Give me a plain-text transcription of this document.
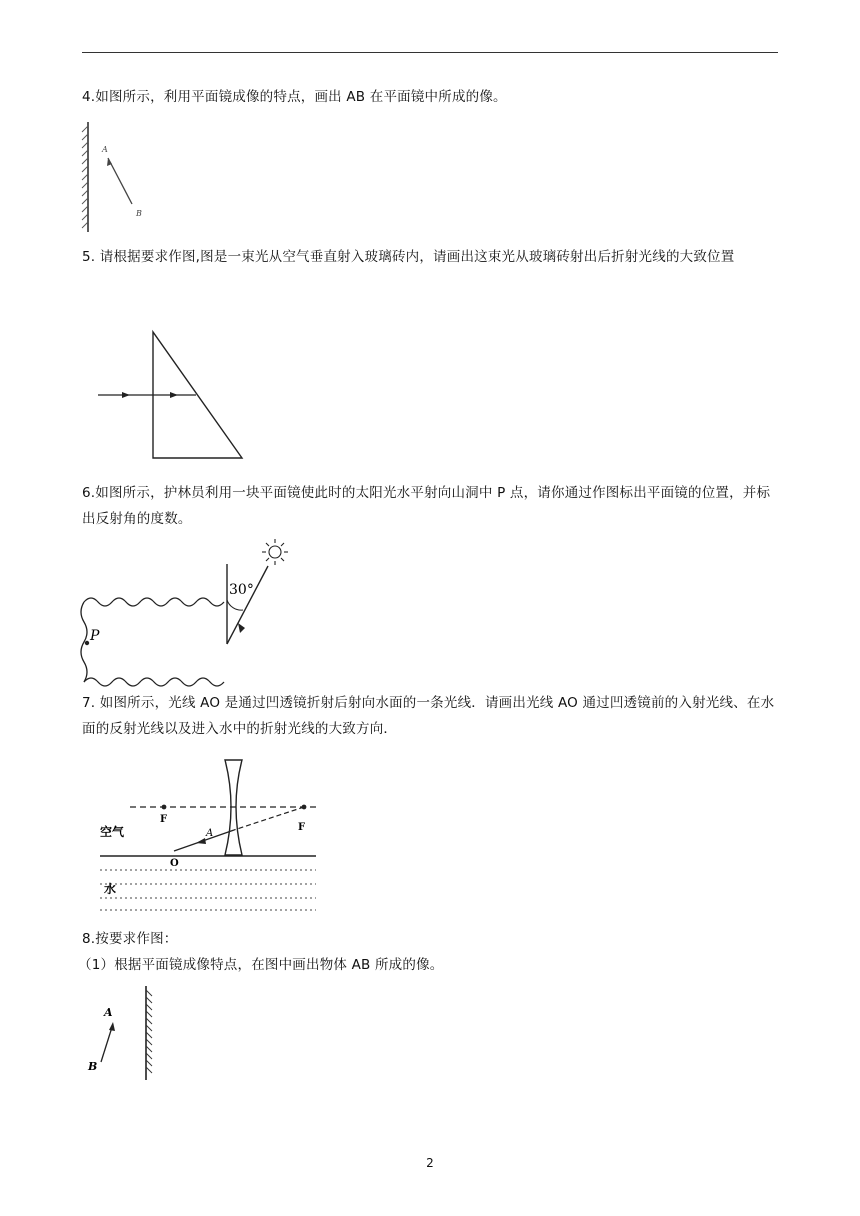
4.如图所示，利用平面镜成像的特点，画出 AB 在平面镜中所成的像。
A
B
5. 请根据要求作图,图是一束光从空气垂直射入玻璃砖内，请画出这束光从玻璃砖射出后折射光线的大致位置
6.如图所示，护林员利用一块平面镜使此时的太阳光水平射向山洞中 P 点，请你通过作图标出平面镜的位置，并标出反射角的度数。
P
30°
7. 如图所示，光线 AO 是通过凹透镜折射后射向水面的一条光线．请画出光线 AO 通过凹透镜前的入射光线、在水面的反射光线以及进入水中的折射光线的大致方向．
F
F
空气	A
O
水
8.按要求作图：
（1）根据平面镜成像特点，在图中画出物体 AB 所成的像。
A
B
2
